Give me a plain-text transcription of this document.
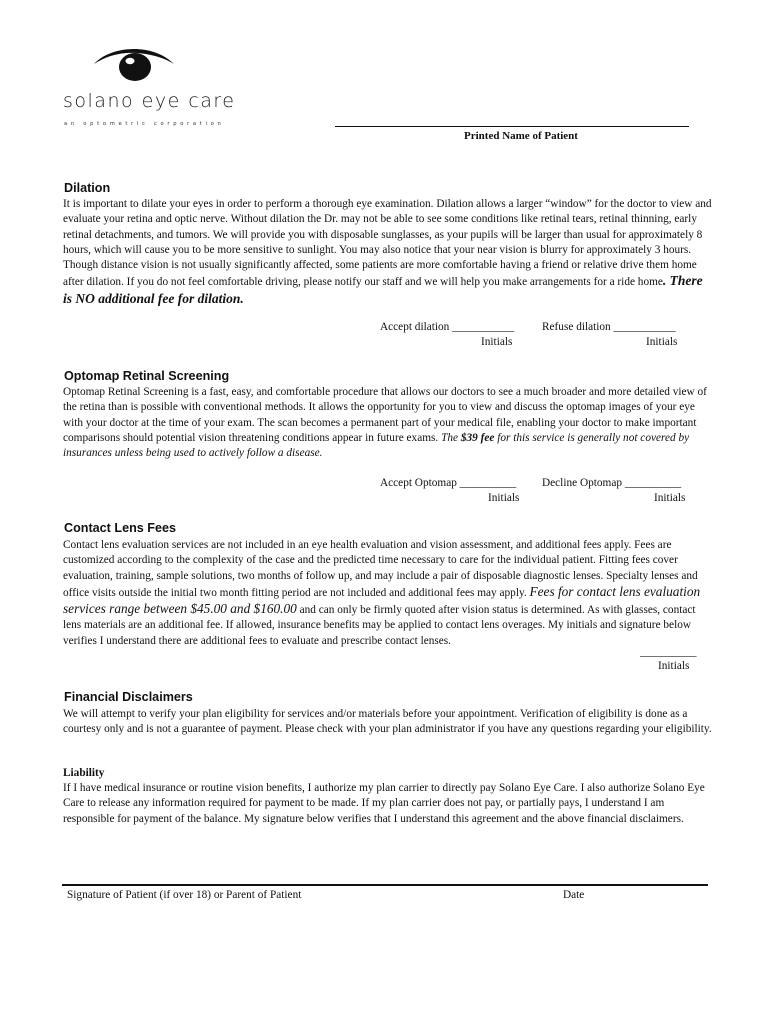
solano eye care
an optometric corporation
Printed Name of Patient
Dilation

It is important to dilate your eyes in order to perform a thorough eye examination. Dilation allows a larger “window” for the doctor to view and evaluate your retina and optic nerve. Without dilation the Dr. may not be able to see some conditions like retinal tears, retinal thinning, early retinal detachments, and tumors. We will provide you with disposable sunglasses, as your pupils will be larger than usual for approximately 8 hours, which will cause you to be more sensitive to sunlight. You may also notice that your near vision is blurry for approximately 3 hours. Though distance vision is not usually significantly affected, some patients are more comfortable having a friend or relative drive them home after dilation. If you do not feel comfortable driving, please notify our staff and we will help you make arrangements for a ride home. There is NO additional fee for dilation.

Accept dilation ___________ Refuse dilation ___________
Initials	Initials
Optomap Retinal Screening

Optomap Retinal Screening is a fast, easy, and comfortable procedure that allows our doctors to see a much broader and more detailed view of the retina than is possible with conventional methods. It allows the opportunity for you to view and discuss the optomap images of your eye with your doctor at the time of your exam. The scan becomes a permanent part of your medical file, enabling your doctor to make important comparisons should potential vision threatening conditions appear in future exams. The $39 fee for this service is generally not covered by insurances unless being used to actively follow a disease.

Accept Optomap __________ Decline Optomap __________
Initials	Initials
Contact Lens Fees

Contact lens evaluation services are not included in an eye health evaluation and vision assessment, and additional fees apply. Fees are customized according to the complexity of the case and the predicted time necessary to care for the individual patient. Fitting fees cover evaluation, training, sample solutions, two months of follow up, and may include a pair of disposable diagnostic lenses. Specialty lenses and office visits outside the initial two month fitting period are not included and additional fees may apply. Fees for contact lens evaluation services range between $45.00 and $160.00 and can only be firmly quoted after vision status is determined. As with glasses, contact lens materials are an additional fee. If allowed, insurance benefits may be applied to contact lens overages. My initials and signature below verifies I understand there are additional fees to evaluate and prescribe contact lenses.

__________
Initials
Financial Disclaimers

We will attempt to verify your plan eligibility for services and/or materials before your appointment. Verification of eligibility is done as a courtesy only and is not a guarantee of payment. Please check with your plan administrator if you have any questions regarding your eligibility.

Liability

If I have medical insurance or routine vision benefits, I authorize my plan carrier to directly pay Solano Eye Care. I also authorize Solano Eye Care to release any information required for payment to be made. If my plan carrier does not pay, or partially pays, I understand I am responsible for payment of the balance. My signature below verifies that I understand this agreement and the above financial disclaimers.

Signature of Patient (if over 18) or Parent of Patient	Date
